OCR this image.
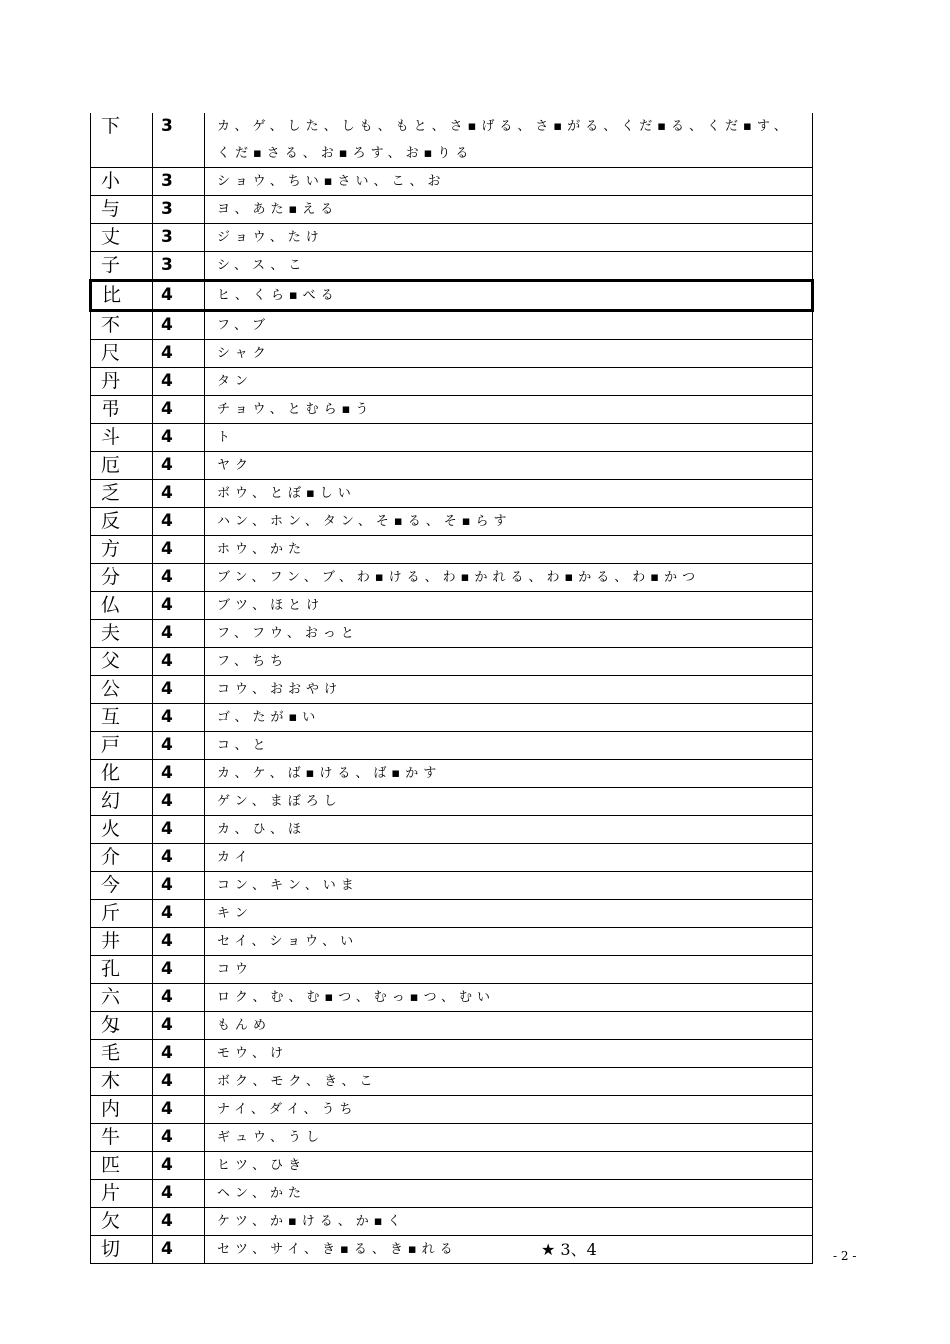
下	3	カ、ゲ、した、しも、もと、さ▪げる、さ▪がる、くだ▪る、くだ▪す、
くだ▪さる、お▪ろす、お▪りる

小	3	ショウ、ちい▪さい、こ、お

与	3	ヨ、あた▪える

丈	3	ジョウ、たけ

子	3	シ、ス、こ

比	4	ヒ、くら▪べる

不	4	フ、ブ

尺	4	シャク

丹	4	タン

弔	4	チョウ、とむら▪う

斗	4	ト

厄	4	ヤク

乏	4	ボウ、とぼ▪しい

反	4	ハン、ホン、タン、そ▪る、そ▪らす

方	4	ホウ、かた

分	4	ブン、フン、ブ、わ▪ける、わ▪かれる、わ▪かる、わ▪かつ

仏	4	ブツ、ほとけ

夫	4	フ、フウ、おっと

父	4	フ、ちち

公	4	コウ、おおやけ

互	4	ゴ、たが▪い

戸	4	コ、と

化	4	カ、ケ、ば▪ける、ば▪かす

幻	4	ゲン、まぼろし

火	4	カ、ひ、ほ

介	4	カイ

今	4	コン、キン、いま

斤	4	キン

井	4	セイ、ショウ、い

孔	4	コウ

六	4	ロク、む、む▪つ、むっ▪つ、むい

匁	4	もんめ

毛	4	モウ、け

木	4	ボク、モク、き、こ

内	4	ナイ、ダイ、うち

牛	4	ギュウ、うし

匹	4	ヒツ、ひき

片	4	ヘン、かた

欠	4	ケツ、か▪ける、か▪く

切	4	セツ、サイ、き▪る、き▪れる ★ 3、4	- 2 -
